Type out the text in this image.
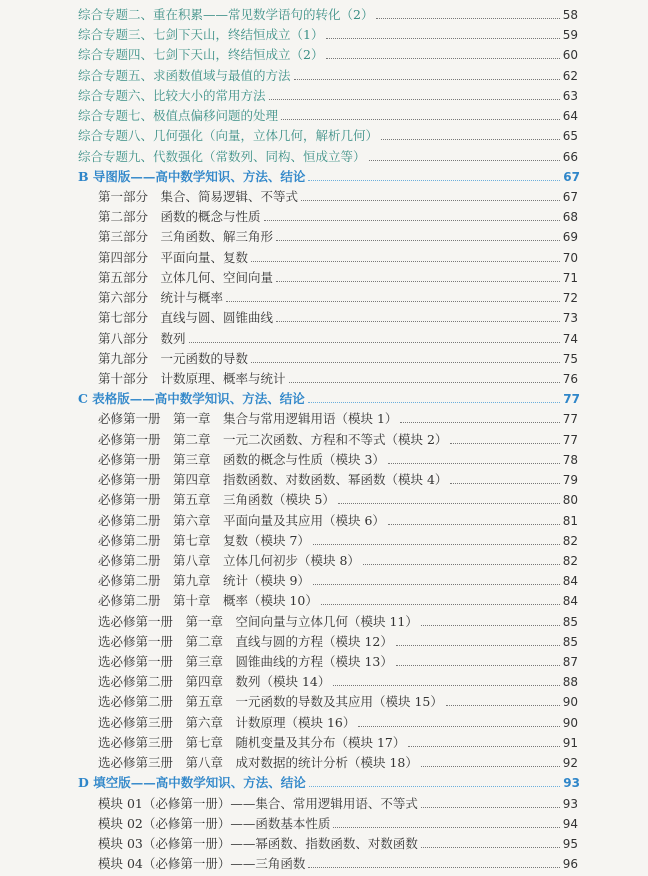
综合专题二、重在积累——常见数学语句的转化（2）	58
综合专题三、七剑下天山，终结恒成立（1）	59
综合专题四、七剑下天山，终结恒成立（2）	60
综合专题五、求函数值域与最值的方法	62
综合专题六、比较大小的常用方法	63
综合专题七、极值点偏移问题的处理	64
综合专题八、几何强化（向量，立体几何，解析几何）	65
综合专题九、代数强化（常数列、同构、恒成立等）	66
B 导图版——高中数学知识、方法、结论	67
第一部分　集合、简易逻辑、不等式	67
第二部分　函数的概念与性质	68
第三部分　三角函数、解三角形	69
第四部分　平面向量、复数	70
第五部分　立体几何、空间向量	71
第六部分　统计与概率	72
第七部分　直线与圆、圆锥曲线	73
第八部分　数列	74
第九部分　一元函数的导数	75
第十部分　计数原理、概率与统计	76
C 表格版——高中数学知识、方法、结论	77
必修第一册　第一章　集合与常用逻辑用语（模块 1）	77
必修第一册　第二章　一元二次函数、方程和不等式（模块 2）	77
必修第一册　第三章　函数的概念与性质（模块 3）	78
必修第一册　第四章　指数函数、对数函数、幂函数（模块 4）	79
必修第一册　第五章　三角函数（模块 5）	80
必修第二册　第六章　平面向量及其应用（模块 6）	81
必修第二册　第七章　复数（模块 7）	82
必修第二册　第八章　立体几何初步（模块 8）	82
必修第二册　第九章　统计（模块 9）	84
必修第二册　第十章　概率（模块 10）	84
选必修第一册　第一章　空间向量与立体几何（模块 11）	85
选必修第一册　第二章　直线与圆的方程（模块 12）	85
选必修第一册　第三章　圆锥曲线的方程（模块 13）	87
选必修第二册　第四章　数列（模块 14）	88
选必修第二册　第五章　一元函数的导数及其应用（模块 15）	90
选必修第三册　第六章　计数原理（模块 16）	90
选必修第三册　第七章　随机变量及其分布（模块 17）	91
选必修第三册　第八章　成对数据的统计分析（模块 18）	92
D 填空版——高中数学知识、方法、结论	93
模块 01（必修第一册）——集合、常用逻辑用语、不等式	93
模块 02（必修第一册）——函数基本性质	94
模块 03（必修第一册）——幂函数、指数函数、对数函数	95
模块 04（必修第一册）——三角函数	96
